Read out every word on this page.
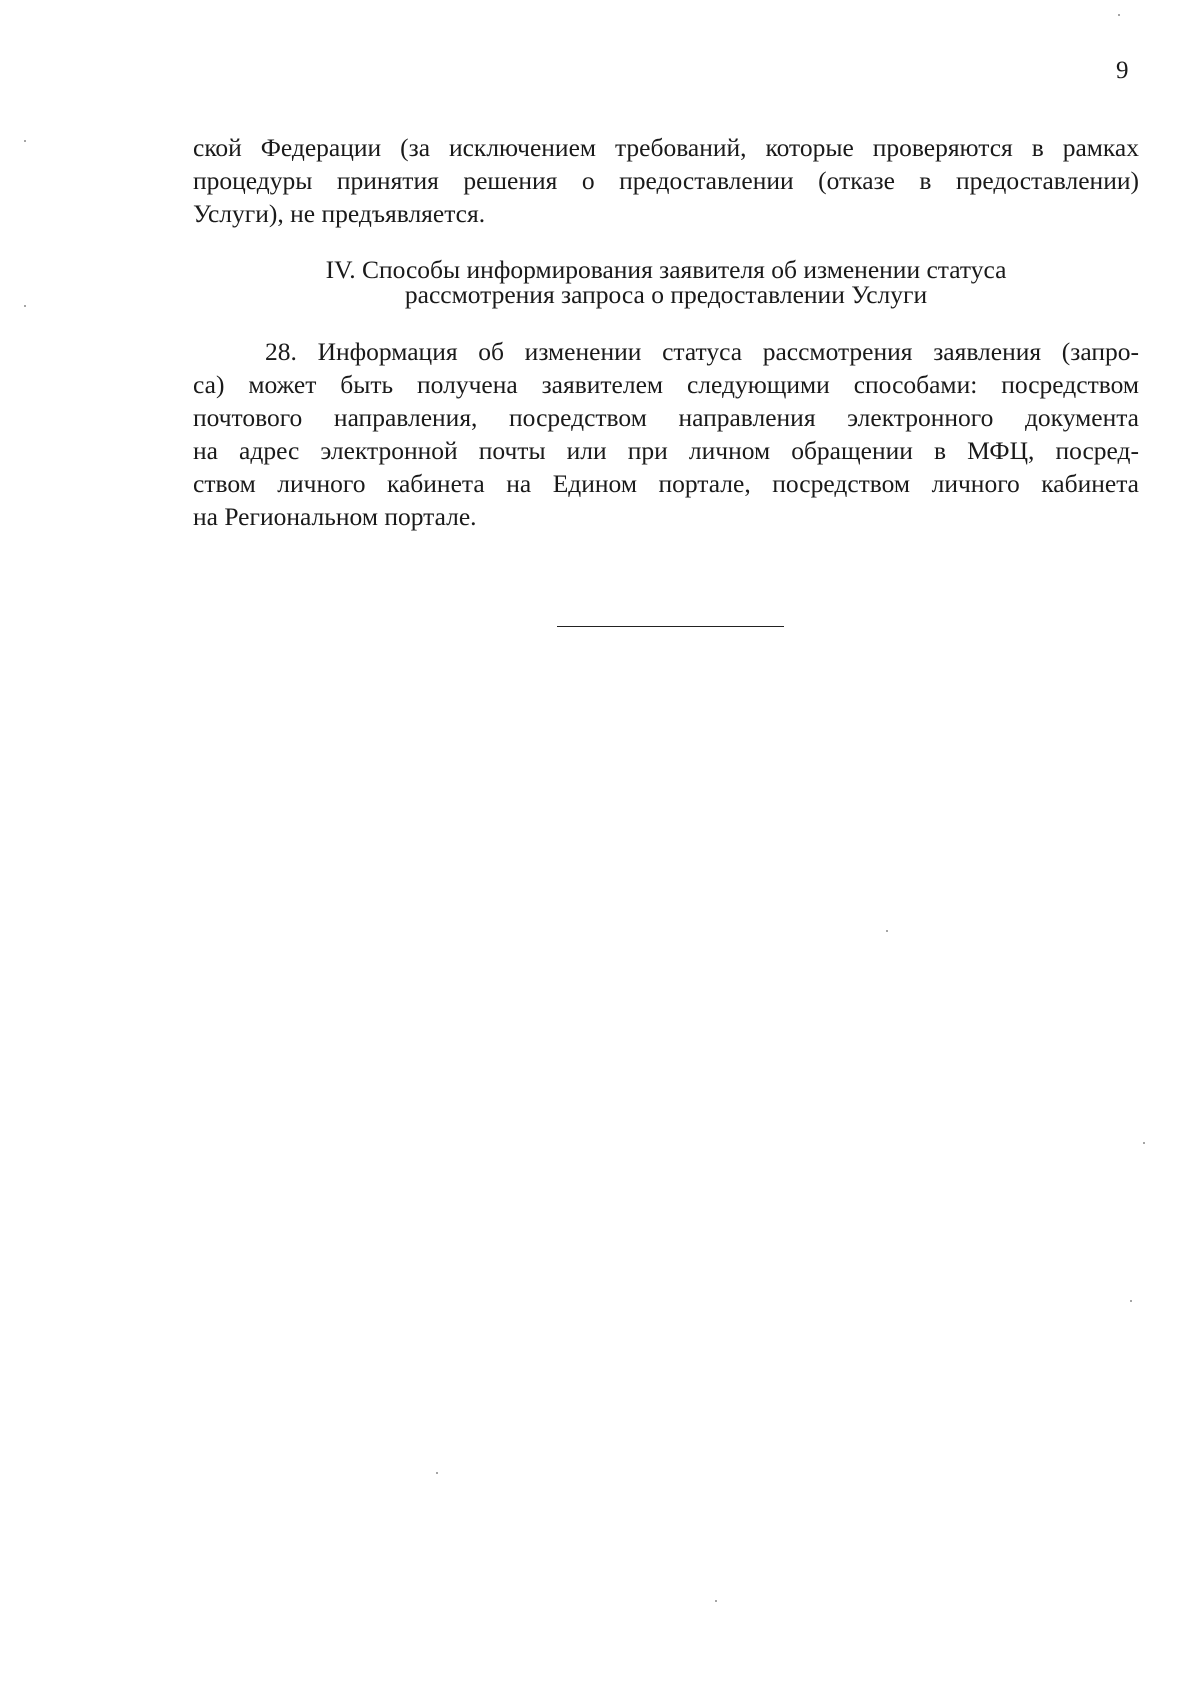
9
ской Федерации (за исключением требований, которые проверяются в рамках
процедуры принятия решения о предоставлении (отказе в предоставлении)
Услуги), не предъявляется.
IV. Способы информирования заявителя об изменении статуса
рассмотрения запроса о предоставлении Услуги
28. Информация об изменении статуса рассмотрения заявления (запро-
са) может быть получена заявителем следующими способами: посредством
почтового направления, посредством направления электронного документа
на адрес электронной почты или при личном обращении в МФЦ, посред-
ством личного кабинета на Едином портале, посредством личного кабинета
на Региональном портале.
